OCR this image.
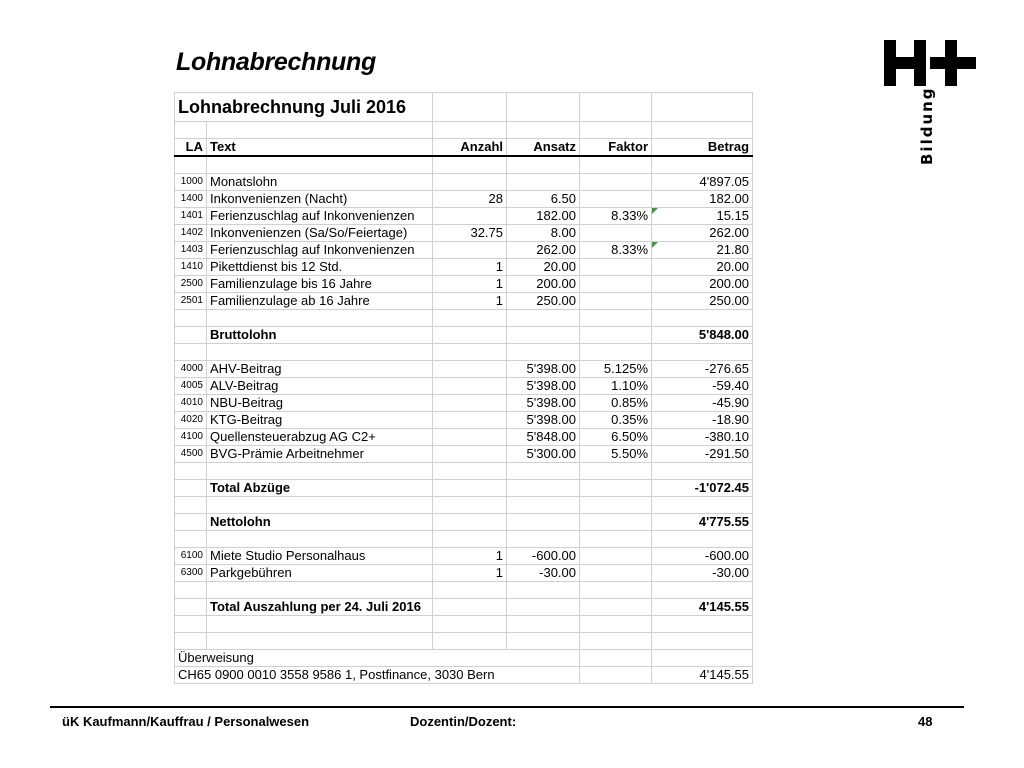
Lohnabrechnung
Bildung
Lohnabrechnung Juli 2016					

LA	Text	Anzahl	Ansatz	Faktor	Betrag

1000	Monatslohn				4'897.05
1400	Inkonvenienzen (Nacht)	28	6.50		182.00
1401	Ferienzuschlag auf Inkonvenienzen		182.00	8.33%	15.15
1402	Inkonvenienzen (Sa/So/Feiertage)	32.75	8.00		262.00
1403	Ferienzuschlag auf Inkonvenienzen		262.00	8.33%	21.80
1410	Pikettdienst bis 12 Std.	1	20.00		20.00
2500	Familienzulage bis 16 Jahre	1	200.00		200.00
2501	Familienzulage ab 16 Jahre	1	250.00		250.00

	Bruttolohn				5'848.00

4000	AHV-Beitrag		5'398.00	5.125%	-276.65
4005	ALV-Beitrag		5'398.00	1.10%	-59.40
4010	NBU-Beitrag		5'398.00	0.85%	-45.90
4020	KTG-Beitrag		5'398.00	0.35%	-18.90
4100	Quellensteuerabzug AG C2+		5'848.00	6.50%	-380.10
4500	BVG-Prämie Arbeitnehmer		5'300.00	5.50%	-291.50

	Total Abzüge				-1'072.45

	Nettolohn				4'775.55

6100	Miete Studio Personalhaus	1	-600.00		-600.00
6300	Parkgebühren	1	-30.00		-30.00

	Total Auszahlung per 24. Juli 2016				4'145.55

Überweisung					
CH65 0900 0010 3558 9586 1, Postfinance, 3030 Bern					4'145.55
üK Kaufmann/Kauffrau / Personalwesen	Dozentin/Dozent:	48
